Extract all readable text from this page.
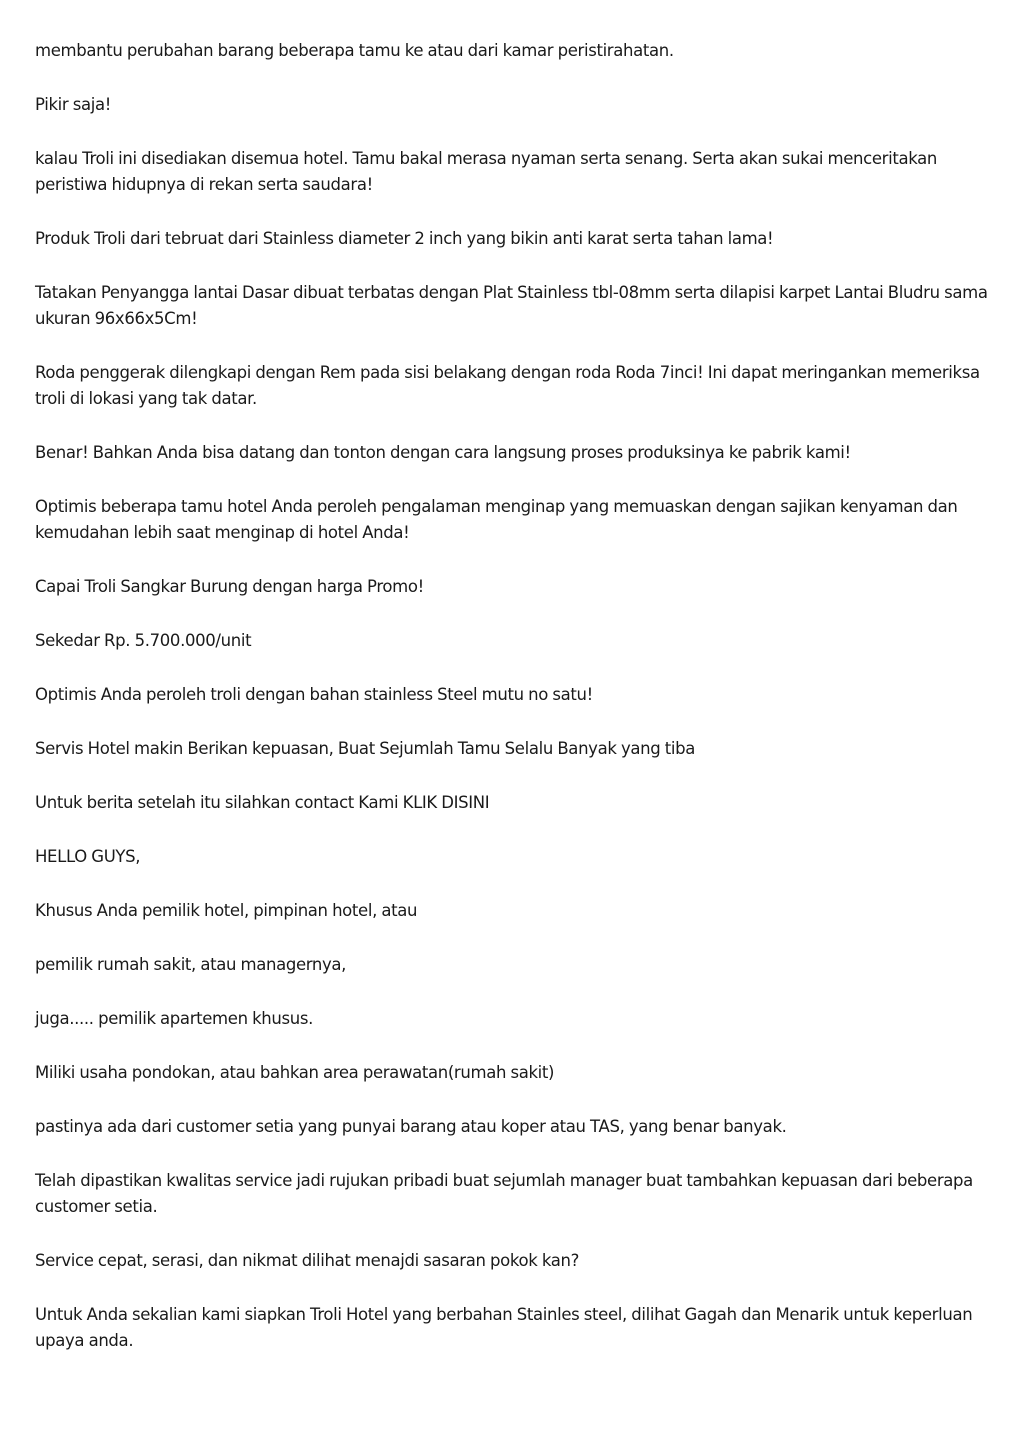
membantu perubahan barang beberapa tamu ke atau dari kamar peristirahatan.

Pikir saja!

kalau Troli ini disediakan disemua hotel. Tamu bakal merasa nyaman serta senang. Serta akan sukai menceritakan peristiwa hidupnya di rekan serta saudara!

Produk Troli dari tebruat dari Stainless diameter 2 inch yang bikin anti karat serta tahan lama!

Tatakan Penyangga lantai Dasar dibuat terbatas dengan Plat Stainless tbl-08mm serta dilapisi karpet Lantai Bludru sama ukuran 96x66x5Cm!

Roda penggerak dilengkapi dengan Rem pada sisi belakang dengan roda Roda 7inci! Ini dapat meringankan memeriksa troli di lokasi yang tak datar.

Benar! Bahkan Anda bisa datang dan tonton dengan cara langsung proses produksinya ke pabrik kami!

Optimis beberapa tamu hotel Anda peroleh pengalaman menginap yang memuaskan dengan sajikan kenyaman dan kemudahan lebih saat menginap di hotel Anda!

Capai Troli Sangkar Burung dengan harga Promo!

Sekedar Rp. 5.700.000/unit

Optimis Anda peroleh troli dengan bahan stainless Steel mutu no satu!

Servis Hotel makin Berikan kepuasan, Buat Sejumlah Tamu Selalu Banyak yang tiba

Untuk berita setelah itu silahkan contact Kami KLIK DISINI

HELLO GUYS,

Khusus Anda pemilik hotel, pimpinan hotel, atau

pemilik rumah sakit, atau managernya,

juga..... pemilik apartemen khusus.

Miliki usaha pondokan, atau bahkan area perawatan(rumah sakit)

pastinya ada dari customer setia yang punyai barang atau koper atau TAS, yang benar banyak.

Telah dipastikan kwalitas service jadi rujukan pribadi buat sejumlah manager buat tambahkan kepuasan dari beberapa customer setia.

Service cepat, serasi, dan nikmat dilihat menajdi sasaran pokok kan?

Untuk Anda sekalian kami siapkan Troli Hotel yang berbahan Stainles steel, dilihat Gagah dan Menarik untuk keperluan upaya anda.
